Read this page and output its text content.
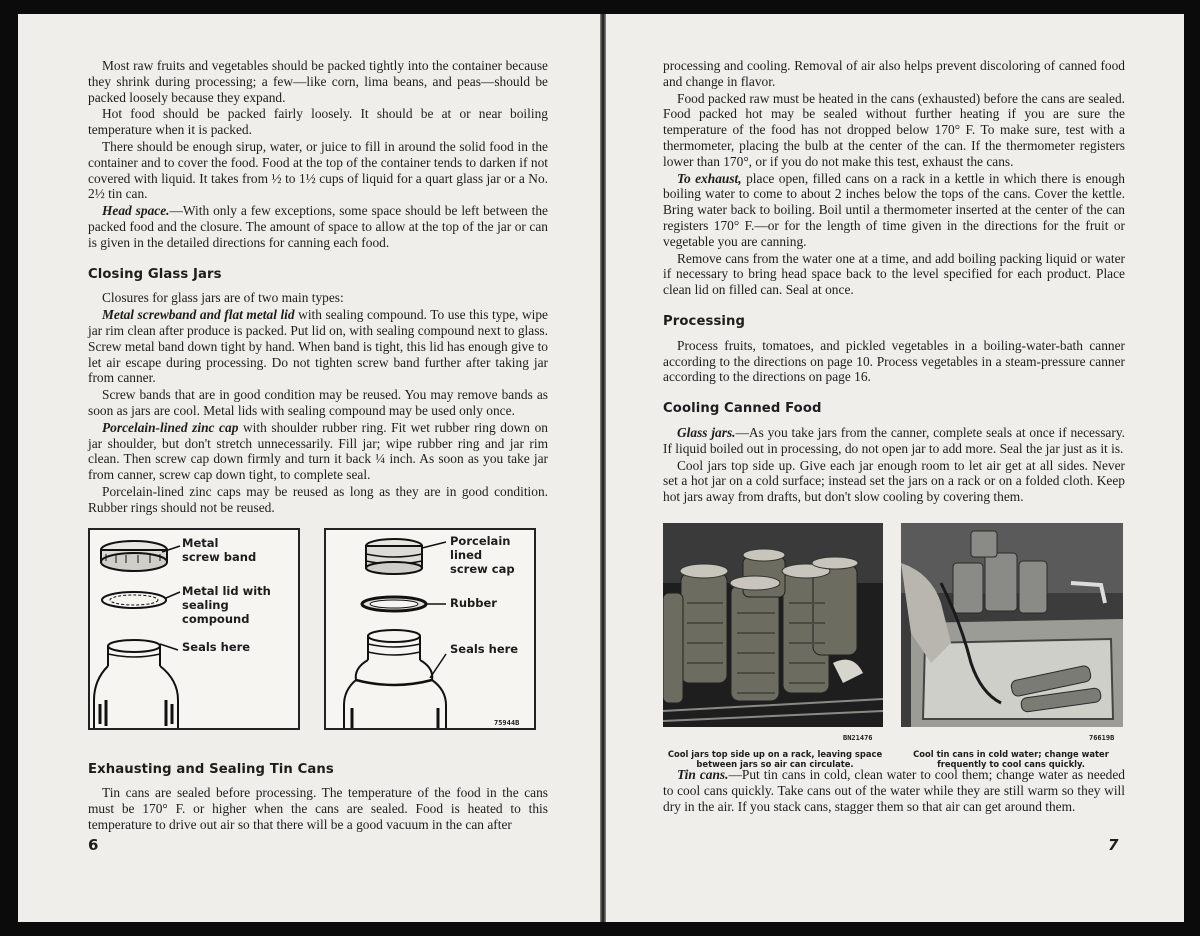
Most raw fruits and vegetables should be packed tightly into the container because they shrink during processing; a few—like corn, lima beans, and peas—should be packed loosely because they expand.

Hot food should be packed fairly loosely. It should be at or near boiling temperature when it is packed.

There should be enough sirup, water, or juice to fill in around the solid food in the container and to cover the food. Food at the top of the container tends to darken if not covered with liquid. It takes from ½ to 1½ cups of liquid for a quart glass jar or a No. 2½ tin can.

Head space.—With only a few exceptions, some space should be left between the packed food and the closure. The amount of space to allow at the top of the jar or can is given in the detailed directions for canning each food.

Closing Glass Jars

Closures for glass jars are of two main types:

Metal screwband and flat metal lid with sealing compound. To use this type, wipe jar rim clean after produce is packed. Put lid on, with sealing compound next to glass. Screw metal band down tight by hand. When band is tight, this lid has enough give to let air escape during processing. Do not tighten screw band further after taking jar from canner.

Screw bands that are in good condition may be reused. You may remove bands as soon as jars are cool. Metal lids with sealing compound may be used only once.

Porcelain-lined zinc cap with shoulder rubber ring. Fit wet rubber ring down on jar shoulder, but don't stretch unnecessarily. Fill jar; wipe rubber ring and jar rim clean. Then screw cap down firmly and turn it back ¼ inch. As soon as you take jar from canner, screw cap down tight, to complete seal.

Porcelain-lined zinc caps may be reused as long as they are in good condition. Rubber rings should not be reused.

Metal
screw band
Metal lid with
sealing
compound
Seals here
Porcelain
lined
screw cap
Rubber
Seals here
75944B
Exhausting and Sealing Tin Cans

Tin cans are sealed before processing. The temperature of the food in the cans must be 170° F. or higher when the cans are sealed. Food is heated to this temperature to drive out air so that there will be a good vacuum in the can after

6

processing and cooling. Removal of air also helps prevent discoloring of canned food and change in flavor.

Food packed raw must be heated in the cans (exhausted) before the cans are sealed. Food packed hot may be sealed without further heating if you are sure the temperature of the food has not dropped below 170° F. To make sure, test with a thermometer, placing the bulb at the center of the can. If the thermometer registers lower than 170°, or if you do not make this test, exhaust the cans.

To exhaust, place open, filled cans on a rack in a kettle in which there is enough boiling water to come to about 2 inches below the tops of the cans. Cover the kettle. Bring water back to boiling. Boil until a thermometer inserted at the center of the can registers 170° F.—or for the length of time given in the directions for the fruit or vegetable you are canning.

Remove cans from the water one at a time, and add boiling packing liquid or water if necessary to bring head space back to the level specified for each product. Place clean lid on filled can. Seal at once.

Processing

Process fruits, tomatoes, and pickled vegetables in a boiling-water-bath canner according to the directions on page 10. Process vegetables in a steam-pressure canner according to the directions on page 16.

Cooling Canned Food

Glass jars.—As you take jars from the canner, complete seals at once if necessary. If liquid boiled out in processing, do not open jar to add more. Seal the jar just as it is.

Cool jars top side up. Give each jar enough room to let air get at all sides. Never set a hot jar on a cold surface; instead set the jars on a rack or on a folded cloth. Keep hot jars away from drafts, but don't slow cooling by covering them.

BN21476	76619B
Cool jars top side up on a rack, leaving space between jars so air can circulate.
Cool tin cans in cold water; change water frequently to cool cans quickly.

Tin cans.—Put tin cans in cold, clean water to cool them; change water as needed to cool cans quickly. Take cans out of the water while they are still warm so they will dry in the air. If you stack cans, stagger them so that air can get around them.

7
